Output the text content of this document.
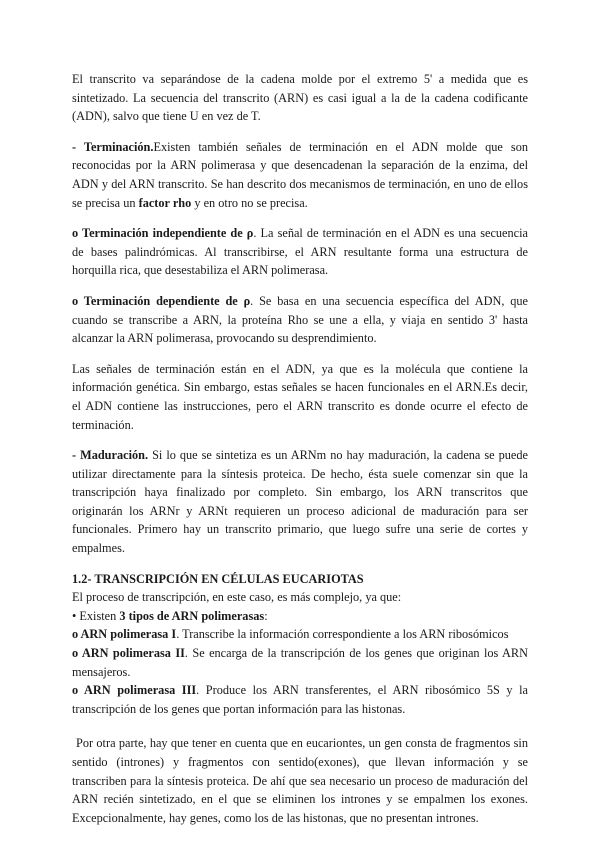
El transcrito va separándose de la cadena molde por el extremo 5' a medida que es sintetizado. La secuencia del transcrito (ARN) es casi igual a la de la cadena codificante (ADN), salvo que tiene U en vez de T.

- Terminación.Existen también señales de terminación en el ADN molde que son reconocidas por la ARN polimerasa y que desencadenan la separación de la enzima, del ADN y del ARN transcrito. Se han descrito dos mecanismos de terminación, en uno de ellos se precisa un factor rho y en otro no se precisa.

o Terminación independiente de ρ. La señal de terminación en el ADN es una secuencia de bases palindrómicas. Al transcribirse, el ARN resultante forma una estructura de horquilla rica, que desestabiliza el ARN polimerasa.

o Terminación dependiente de ρ. Se basa en una secuencia específica del ADN, que cuando se transcribe a ARN, la proteína Rho se une a ella, y viaja en sentido 3' hasta alcanzar la ARN polimerasa, provocando su desprendimiento.

Las señales de terminación están en el ADN, ya que es la molécula que contiene la información genética. Sin embargo, estas señales se hacen funcionales en el ARN.Es decir, el ADN contiene las instrucciones, pero el ARN transcrito es donde ocurre el efecto de terminación.

- Maduración. Si lo que se sintetiza es un ARNm no hay maduración, la cadena se puede utilizar directamente para la síntesis proteica. De hecho, ésta suele comenzar sin que la transcripción haya finalizado por completo. Sin embargo, los ARN transcritos que originarán los ARNr y ARNt requieren un proceso adicional de maduración para ser funcionales. Primero hay un transcrito primario, que luego sufre una serie de cortes y empalmes.

1.2- TRANSCRIPCIÓN EN CÉLULAS EUCARIOTAS

El proceso de transcripción, en este caso, es más complejo, ya que:

• Existen 3 tipos de ARN polimerasas:

o ARN polimerasa I. Transcribe la información correspondiente a los ARN ribosómicos

o ARN polimerasa II. Se encarga de la transcripción de los genes que originan los ARN mensajeros.

o ARN polimerasa III. Produce los ARN transferentes, el ARN ribosómico 5S y la transcripción de los genes que portan información para las histonas.

Por otra parte, hay que tener en cuenta que en eucariontes, un gen consta de fragmentos sin sentido (intrones) y fragmentos con sentido(exones), que llevan información y se transcriben para la síntesis proteica. De ahí que sea necesario un proceso de maduración del ARN recién sintetizado, en el que se eliminen los intrones y se empalmen los exones. Excepcionalmente, hay genes, como los de las histonas, que no presentan intrones.
